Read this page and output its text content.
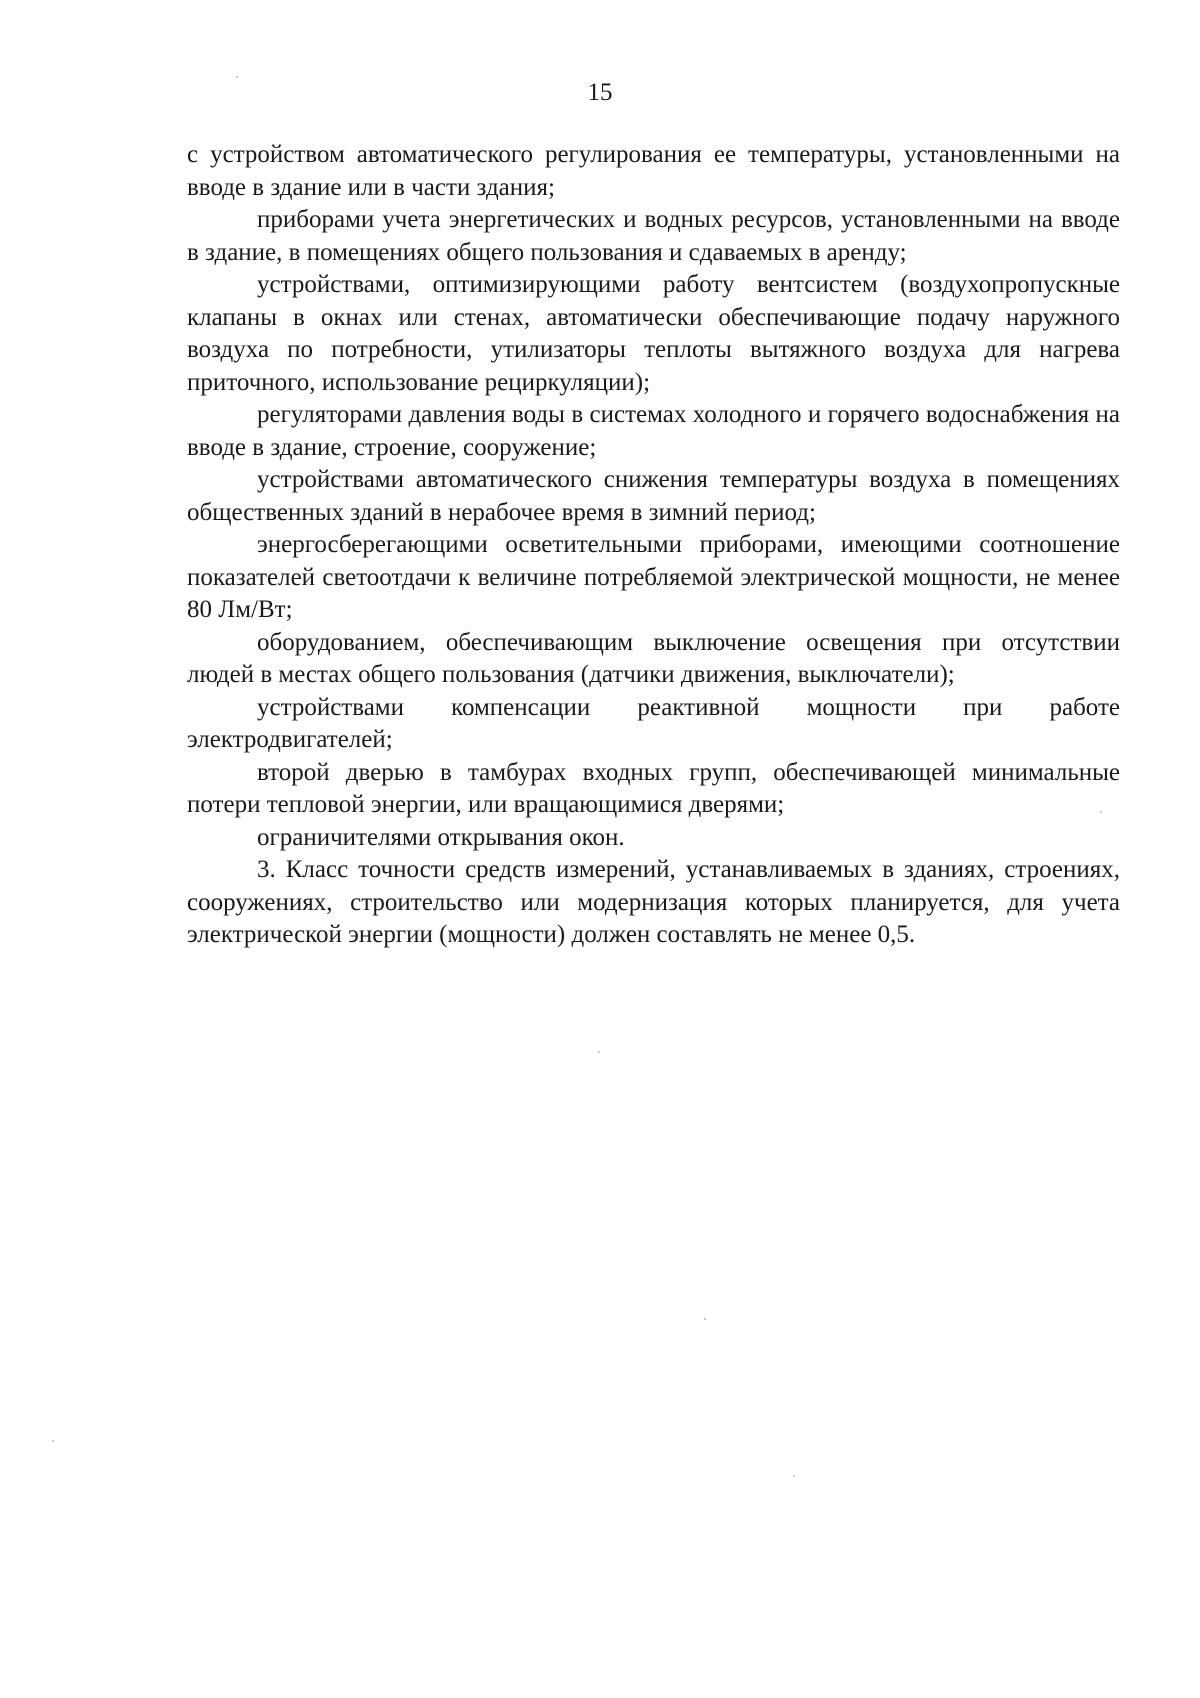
15

с устройством автоматического регулирования ее температуры, установленными на вводе в здание или в части здания;

приборами учета энергетических и водных ресурсов, установленными на вводе в здание, в помещениях общего пользования и сдаваемых в аренду;

устройствами, оптимизирующими работу вентсистем (воздухопропускные клапаны в окнах или стенах, автоматически обеспечивающие подачу наружного воздуха по потребности, утилизаторы теплоты вытяжного воздуха для нагрева приточного, использование рециркуляции);

регуляторами давления воды в системах холодного и горячего водоснабжения на вводе в здание, строение, сооружение;

устройствами автоматического снижения температуры воздуха в помещениях общественных зданий в нерабочее время в зимний период;

энергосберегающими осветительными приборами, имеющими соотношение показателей светоотдачи к величине потребляемой электрической мощности, не менее 80 Лм/Вт;

оборудованием, обеспечивающим выключение освещения при отсутствии людей в местах общего пользования (датчики движения, выключатели);

устройствами компенсации реактивной мощности при работе электродвигателей;

второй дверью в тамбурах входных групп, обеспечивающей минимальные потери тепловой энергии, или вращающимися дверями;

ограничителями открывания окон.

3. Класс точности средств измерений, устанавливаемых в зданиях, строениях, сооружениях, строительство или модернизация которых планируется, для учета электрической энергии (мощности) должен составлять не менее 0,5.
